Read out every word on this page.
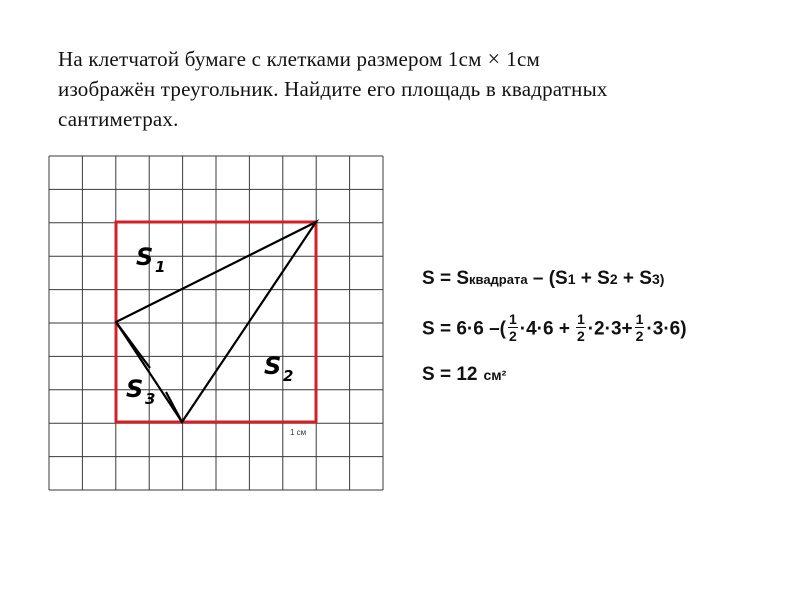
На клетчатой бумаге с клетками размером 1см × 1см
изображён треугольник. Найдите его площадь в квадратных
сантиметрах.
S 1
S 2
S 3
1 см
S = Sквадрата – (S1 + S2 + S3)
S = 6·6 –( $\frac{1}{2} \cdot 4\cdot 6 + \frac{1}{2} \cdot 2\cdot 3+ \frac{1}{2} \cdot 3\cdot 6$)
S = 12 см²
